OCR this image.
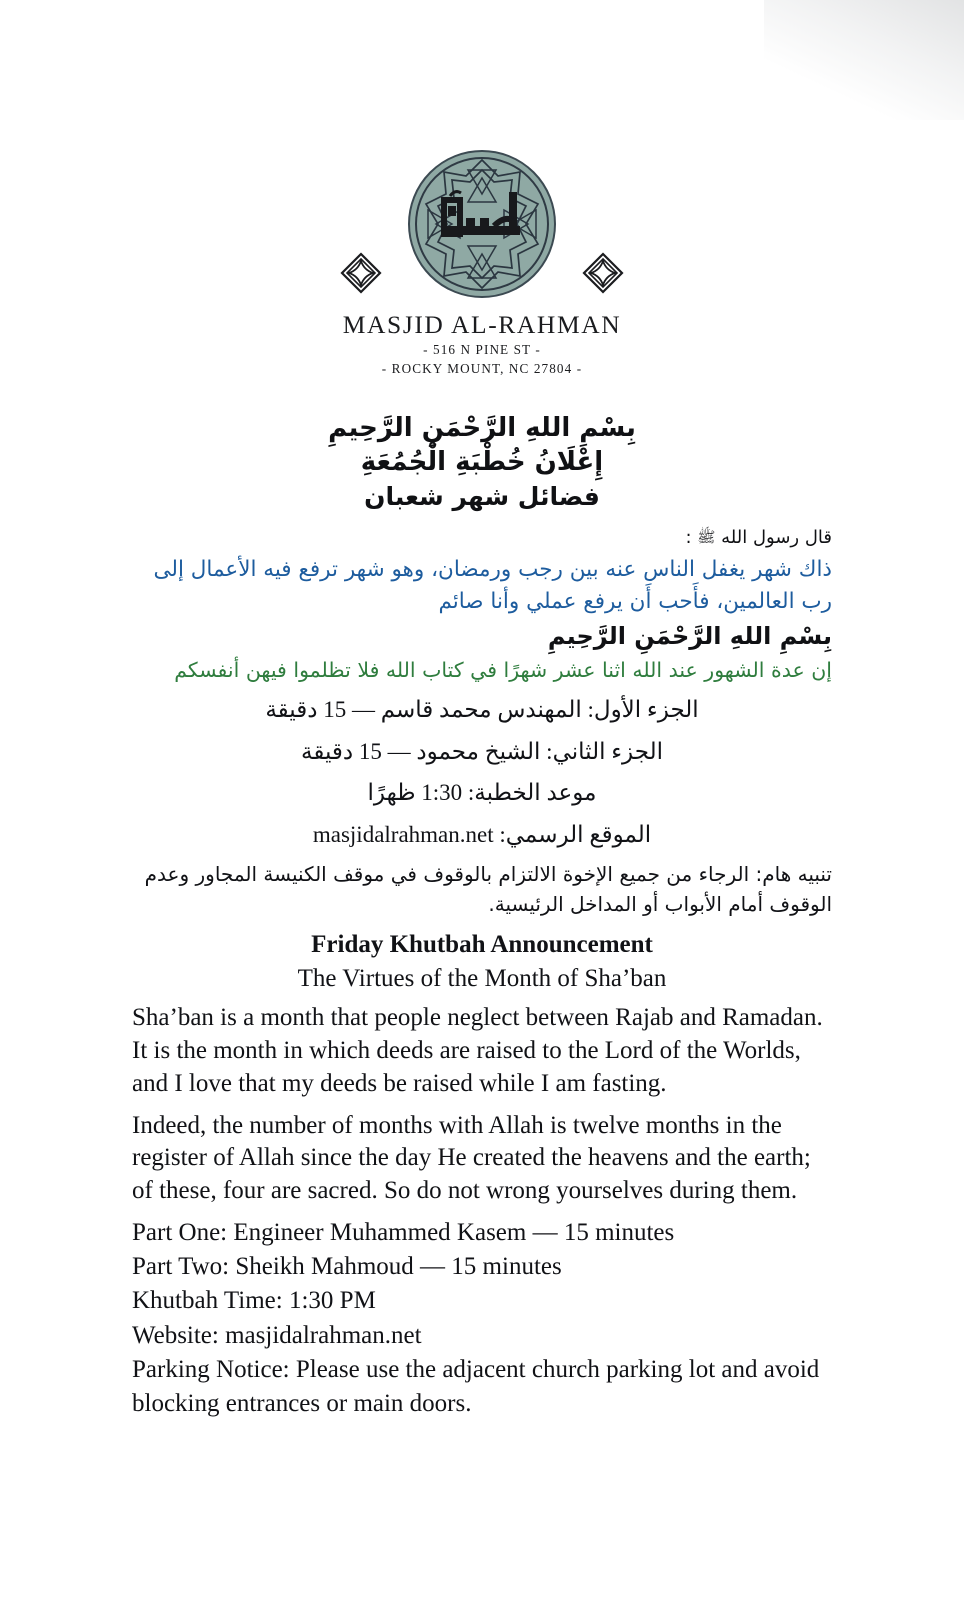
MASJID AL-RAHMAN
- 516 N PINE ST -
- ROCKY MOUNT, NC 27804 -
بِسْمِ اللهِ الرَّحْمَنِ الرَّحِيمِ
إِعْلَانُ خُطْبَةِ الْجُمُعَةِ
فضائل شهر شعبان
قال رسول الله ﷺ :
ذاك شهر يغفل الناس عنه بين رجب ورمضان، وهو شهر ترفع فيه الأعمال إلى رب العالمين، فأَحب أَن يرفع عملي وأنا صائم
بِسْمِ اللهِ الرَّحْمَنِ الرَّحِيمِ
إن عدة الشهور عند الله اثنا عشر شهرًا في كتاب الله فلا تظلموا فيهن أنفسكم
الجزء الأول: المهندس محمد قاسم — 15 دقيقة
الجزء الثاني: الشيخ محمود — 15 دقيقة
موعد الخطبة: 1:30 ظهرًا
الموقع الرسمي: masjidalrahman.net
تنبيه هام: الرجاء من جميع الإخوة الالتزام بالوقوف في موقف الكنيسة المجاور وعدم الوقوف أمام الأبواب أو المداخل الرئيسية.
Friday Khutbah Announcement
The Virtues of the Month of Sha’ban
Sha’ban is a month that people neglect between Rajab and Ramadan. It is the month in which deeds are raised to the Lord of the Worlds, and I love that my deeds be raised while I am fasting.
Indeed, the number of months with Allah is twelve months in the register of Allah since the day He created the heavens and the earth; of these, four are sacred. So do not wrong yourselves during them.
Part One: Engineer Muhammed Kasem — 15 minutes
Part Two: Sheikh Mahmoud — 15 minutes
Khutbah Time: 1:30 PM
Website: masjidalrahman.net
Parking Notice: Please use the adjacent church parking lot and avoid blocking entrances or main doors.
